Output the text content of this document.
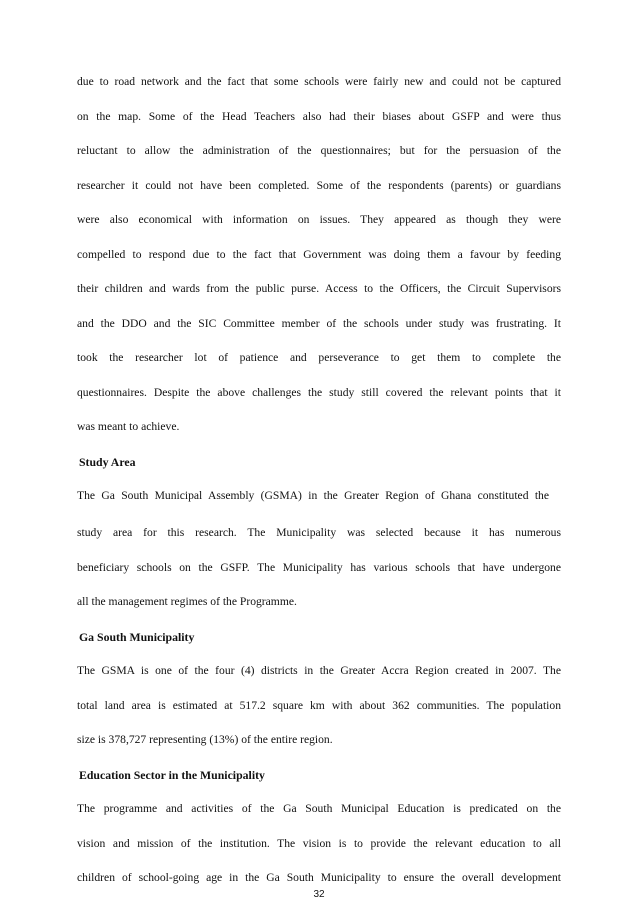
due to road network and the fact that some schools were fairly new and could not be captured
on the map. Some of the Head Teachers also had their biases about GSFP and were thus
reluctant to allow the administration of the questionnaires; but for the persuasion of the
researcher it could not have been completed. Some of the respondents (parents) or guardians
were also economical with information on issues. They appeared as though they were
compelled to respond due to the fact that Government was doing them a favour by feeding
their children and wards from the public purse. Access to the Officers, the Circuit Supervisors
and the DDO and the SIC Committee member of the schools under study was frustrating. It
took the researcher lot of patience and perseverance to get them to complete the
questionnaires. Despite the above challenges the study still covered the relevant points that it
was meant to achieve.
Study Area
The Ga South Municipal Assembly (GSMA) in the Greater Region of Ghana constituted the
study area for this research. The Municipality was selected because it has numerous
beneficiary schools on the GSFP. The Municipality has various schools that have undergone
all the management regimes of the Programme.
Ga South Municipality
The GSMA is one of the four (4) districts in the Greater Accra Region created in 2007. The
total land area is estimated at 517.2 square km with about 362 communities. The population
size is 378,727 representing (13%) of the entire region.
Education Sector in the Municipality
The programme and activities of the Ga South Municipal Education is predicated on the
vision and mission of the institution. The vision is to provide the relevant education to all
children of school-going age in the Ga South Municipality to ensure the overall development
32
